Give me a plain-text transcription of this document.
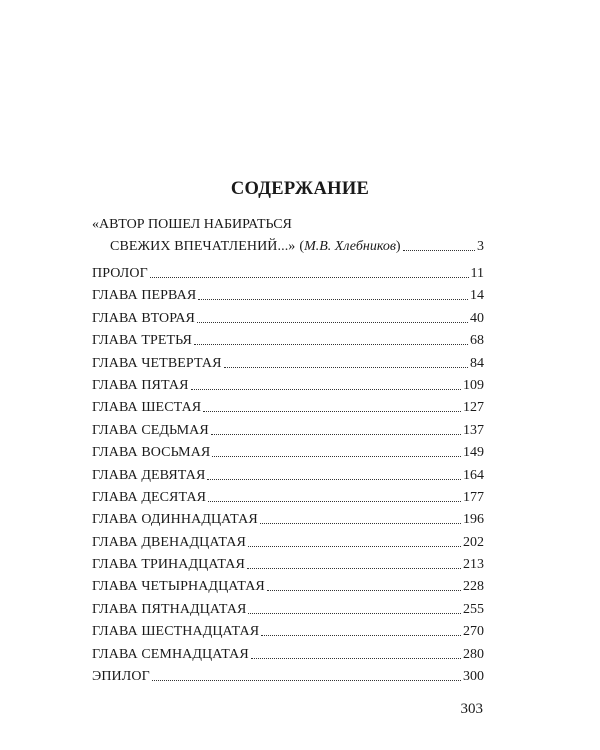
СОДЕРЖАНИЕ
«АВТОР ПОШЕЛ НАБИРАТЬСЯ
СВЕЖИХ ВПЕЧАТЛЕНИЙ...» (М.В. Хлебников)	3
ПРОЛОГ	11
ГЛАВА ПЕРВАЯ	14
ГЛАВА ВТОРАЯ	40
ГЛАВА ТРЕТЬЯ	68
ГЛАВА ЧЕТВЕРТАЯ	84
ГЛАВА ПЯТАЯ	109
ГЛАВА ШЕСТАЯ	127
ГЛАВА СЕДЬМАЯ	137
ГЛАВА ВОСЬМАЯ	149
ГЛАВА ДЕВЯТАЯ	164
ГЛАВА ДЕСЯТАЯ	177
ГЛАВА ОДИННАДЦАТАЯ	196
ГЛАВА ДВЕНАДЦАТАЯ	202
ГЛАВА ТРИНАДЦАТАЯ	213
ГЛАВА ЧЕТЫРНАДЦАТАЯ	228
ГЛАВА ПЯТНАДЦАТАЯ	255
ГЛАВА ШЕСТНАДЦАТАЯ	270
ГЛАВА СЕМНАДЦАТАЯ	280
ЭПИЛОГ	300
303
